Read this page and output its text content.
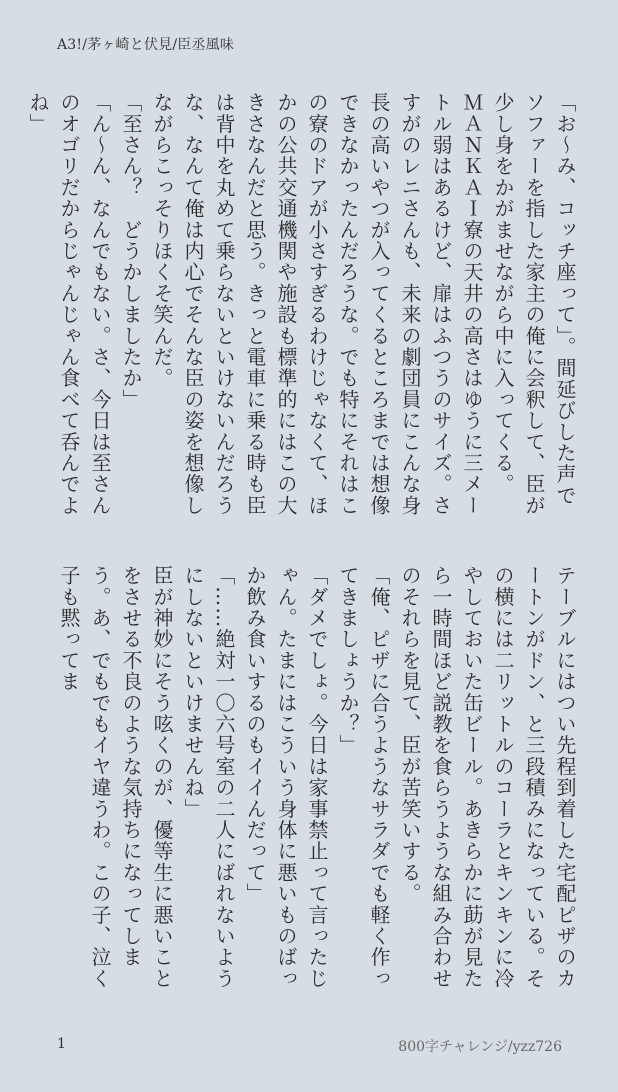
A3!/茅ヶ崎と伏見/臣丞風味

「お〜み、コッチ座って」。間延びした声でソファーを指した家主の俺に会釈して、臣が少し身をかがませながら中に入ってくる。

ＭＡＮＫＡＩ寮の天井の高さはゆうに三メートル弱はあるけど、扉はふつうのサイズ。さすがのレニさんも、未来の劇団員にこんな身長の高いやつが入ってくるところまでは想像できなかったんだろうな。でも特にそれはこの寮のドアが小さすぎるわけじゃなくて、ほかの公共交通機関や施設も標準的にはこの大きさなんだと思う。きっと電車に乗る時も臣は背中を丸めて乗らないといけないんだろうな、なんて俺は内心でそんな臣の姿を想像しながらこっそりほくそ笑んだ。

「至さん？　どうかしましたか」

「ん〜ん、なんでもない。さ、今日は至さんのオゴリだからじゃんじゃん食べて呑んでよね」

テーブルにはつい先程到着した宅配ピザのカートンがドン、と三段積みになっている。その横には二リットルのコーラとキンキンに冷やしておいた缶ビール。あきらかに莇が見たら一時間ほど説教を食らうような組み合わせのそれらを見て、臣が苦笑いする。

「俺、ピザに合うようなサラダでも軽く作ってきましょうか？」

「ダメでしょ。今日は家事禁止って言ったじゃん。たまにはこういう身体に悪いものばっか飲み食いするのもイイんだって」

「……絶対一〇六号室の二人にばれないようにしないといけませんね」

臣が神妙にそう呟くのが、優等生に悪いことをさせる不良のような気持ちになってしまう。あ、でもでもイヤ違うわ。この子、泣く子も黙ってま

1	800字チャレンジ/yzz726
